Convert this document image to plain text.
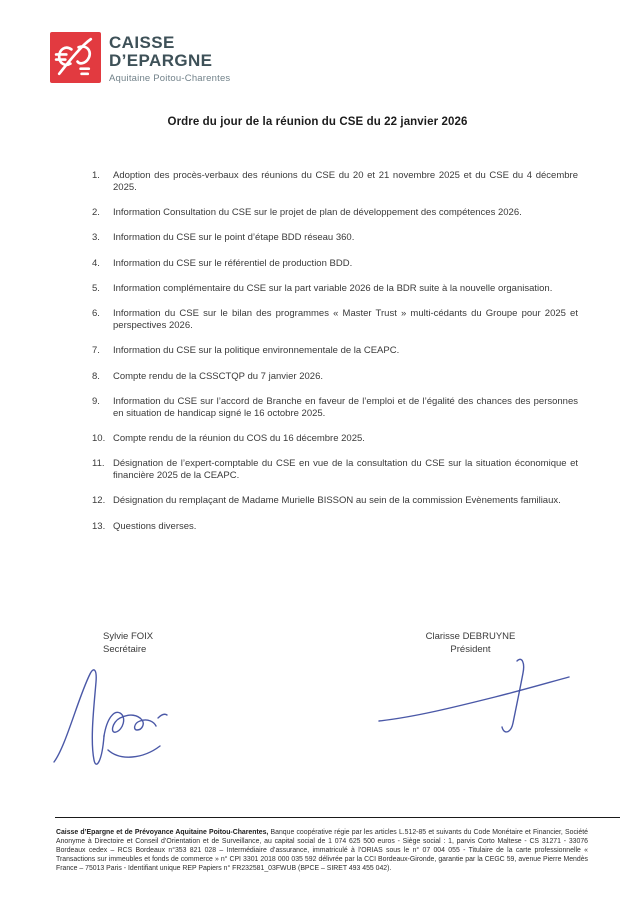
CAISSE
D’EPARGNE
Aquitaine Poitou-Charentes
Ordre du jour de la réunion du CSE du 22 janvier 2026
1.	Adoption des procès-verbaux des réunions du CSE du 20 et 21 novembre 2025 et du CSE du 4 décembre 2025.
2.	Information Consultation du CSE sur le projet de plan de développement des compétences 2026.
3.	Information du CSE sur le point d’étape BDD réseau 360.
4.	Information du CSE sur le référentiel de production BDD.
5.	Information complémentaire du CSE sur la part variable 2026 de la BDR suite à la nouvelle organisation.
6.	Information du CSE sur le bilan des programmes « Master Trust » multi-cédants du Groupe pour 2025 et perspectives 2026.
7.	Information du CSE sur la politique environnementale de la CEAPC.
8.	Compte rendu de la CSSCTQP du 7 janvier 2026.
9.	Information du CSE sur l’accord de Branche en faveur de l’emploi et de l’égalité des chances des personnes en situation de handicap signé le 16 octobre 2025.
10. Compte rendu de la réunion du COS du 16 décembre 2025.
11. Désignation de l’expert-comptable du CSE en vue de la consultation du CSE sur la situation économique et financière 2025 de la CEAPC.
12. Désignation du remplaçant de Madame Murielle BISSON au sein de la commission Evènements familiaux.
13. Questions diverses.
Sylvie FOIX
Secrétaire
Clarisse DEBRUYNE
Président

Caisse d’Epargne et de Prévoyance Aquitaine Poitou-Charentes, Banque coopérative régie par les articles L.512-85 et suivants du Code Monétaire et Financier, Société Anonyme à Directoire et Conseil d’Orientation et de Surveillance, au capital social de 1 074 625 500 euros - Siège social : 1, parvis Corto Maltese - CS 31271 - 33076 Bordeaux cedex – RCS Bordeaux n°353 821 028 – Intermédiaire d’assurance, immatriculé à l’ORIAS sous le n° 07 004 055 - Titulaire de la carte professionnelle « Transactions sur immeubles et fonds de commerce » n° CPI 3301 2018 000 035 592 délivrée par la CCI Bordeaux-Gironde, garantie par la CEGC 59, avenue Pierre Mendès France – 75013 Paris - Identifiant unique REP Papiers n° FR232581_03FWUB (BPCE – SIRET 493 455 042).
